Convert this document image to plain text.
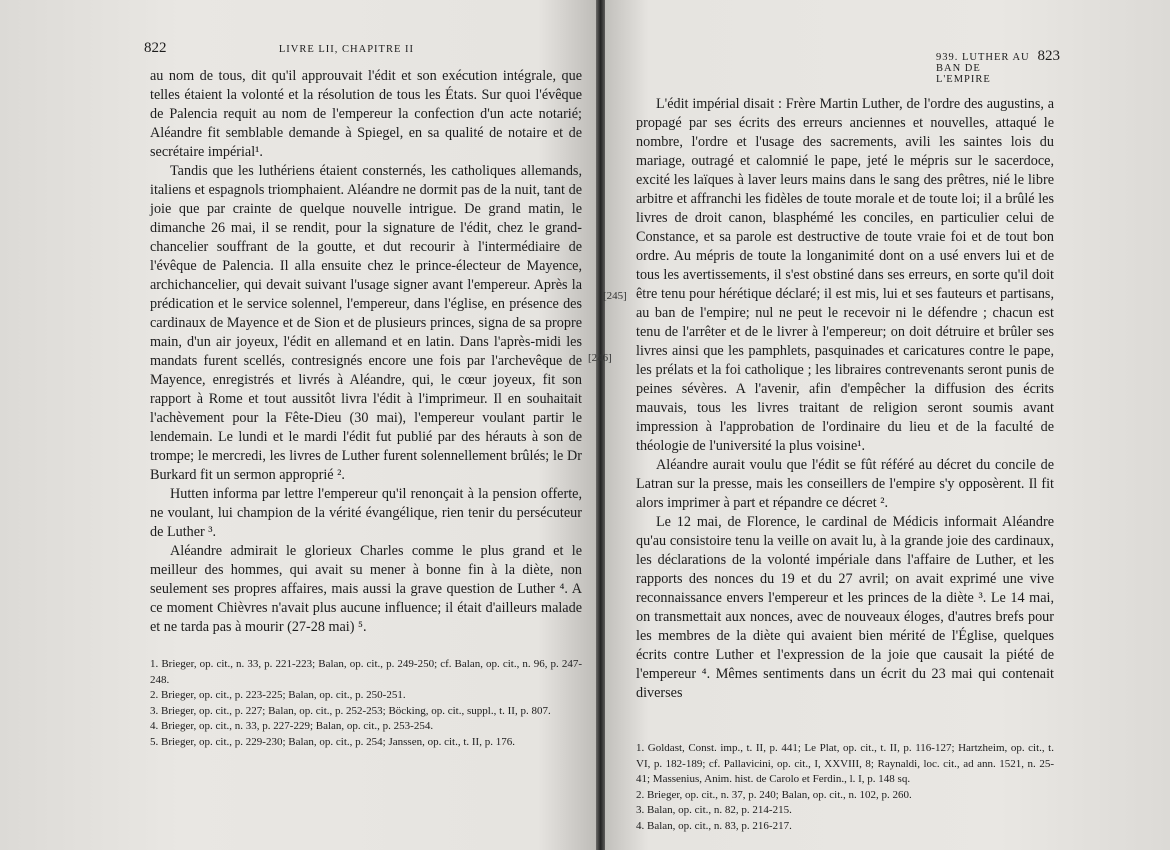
822	LIVRE LII, CHAPITRE II

au nom de tous, dit qu'il approuvait l'édit et son exécution intégrale, que telles étaient la volonté et la résolution de tous les États. Sur quoi l'évêque de Palencia requit au nom de l'empereur la confection d'un acte notarié; Aléandre fit semblable demande à Spiegel, en sa qualité de notaire et de secrétaire impérial¹.

Tandis que les luthériens étaient consternés, les catholiques allemands, italiens et espagnols triomphaient. Aléandre ne dormit pas de la nuit, tant de joie que par crainte de quelque nouvelle intrigue. De grand matin, le dimanche 26 mai, il se rendit, pour la signature de l'édit, chez le grand-chancelier souffrant de la goutte, et dut recourir à l'intermédiaire de l'évêque de Palencia. Il alla ensuite chez le prince-électeur de Mayence, archichancelier, qui devait suivant l'usage signer avant l'empereur. Après la prédication et le service solennel, l'empereur, dans l'église, en présence des cardinaux de Mayence et de Sion et de plusieurs princes, signa de sa propre main, d'un air joyeux, l'édit en allemand et en latin. Dans l'après-midi les mandats furent scellés, contresignés encore une fois par l'archevêque de Mayence, enregistrés et livrés à Aléandre, qui, le cœur joyeux, fit son rapport à Rome et tout aussitôt livra l'édit à l'imprimeur. Il en souhaitait l'achèvement pour la Fête-Dieu (30 mai), l'empereur voulant partir le lendemain. Le lundi et le mardi l'édit fut publié par des hérauts à son de trompe; le mercredi, les livres de Luther furent solennellement brûlés; le Dr Burkard fit un sermon approprié ².

Hutten informa par lettre l'empereur qu'il renonçait à la pension offerte, ne voulant, lui champion de la vérité évangélique, rien tenir du persécuteur de Luther ³.

Aléandre admirait le glorieux Charles comme le plus grand et le meilleur des hommes, qui avait su mener à bonne fin à la diète, non seulement ses propres affaires, mais aussi la grave question de Luther ⁴. A ce moment Chièvres n'avait plus aucune influence; il était d'ailleurs malade et ne tarda pas à mourir (27-28 mai) ⁵.

1. Brieger, op. cit., n. 33, p. 221-223; Balan, op. cit., p. 249-250; cf. Balan, op. cit., n. 96, p. 247-248.

2. Brieger, op. cit., p. 223-225; Balan, op. cit., p. 250-251.

3. Brieger, op. cit., p. 227; Balan, op. cit., p. 252-253; Böcking, op. cit., suppl., t. II, p. 807.

4. Brieger, op. cit., n. 33, p. 227-229; Balan, op. cit., p. 253-254.

5. Brieger, op. cit., p. 229-230; Balan, op. cit., p. 254; Janssen, op. cit., t. II, p. 176.

939. LUTHER AU BAN DE L'EMPIRE
823

L'édit impérial disait : Frère Martin Luther, de l'ordre des augustins, a propagé par ses écrits des erreurs anciennes et nouvelles, attaqué le nombre, l'ordre et l'usage des sacrements, avili les saintes lois du mariage, outragé et calomnié le pape, jeté le mépris sur le sacerdoce, excité les laïques à laver leurs mains dans le sang des prêtres, nié le libre arbitre et affranchi les fidèles de toute morale et de toute loi; il a brûlé les livres de droit canon, blasphémé les conciles, en particulier celui de Constance, et sa parole est destructive de toute vraie foi et de tout bon ordre. Au mépris de toute la longanimité dont on a usé envers lui et de tous les avertissements, il s'est obstiné dans ses erreurs, en sorte qu'il doit être tenu pour hérétique déclaré; il est mis, lui et ses fauteurs et partisans, au ban de l'empire; nul ne peut le recevoir ni le défendre ; chacun est tenu de l'arrêter et de le livrer à l'empereur; on doit détruire et brûler ses livres ainsi que les pamphlets, pasquinades et caricatures contre le pape, les prélats et la foi catholique ; les libraires contrevenants seront punis de peines sévères. A l'avenir, afin d'empêcher la diffusion des écrits mauvais, tous les livres traitant de religion seront soumis avant impression à l'approbation de l'ordinaire du lieu et de la faculté de théologie de l'université la plus voisine¹.

Aléandre aurait voulu que l'édit se fût référé au décret du concile de Latran sur la presse, mais les conseillers de l'empire s'y opposèrent. Il fit alors imprimer à part et répandre ce décret ².

Le 12 mai, de Florence, le cardinal de Médicis informait Aléandre qu'au consistoire tenu la veille on avait lu, à la grande joie des cardinaux, les déclarations de la volonté impériale dans l'affaire de Luther, et les rapports des nonces du 19 et du 27 avril; on avait exprimé une vive reconnaissance envers l'empereur et les princes de la diète ³. Le 14 mai, on transmettait aux nonces, avec de nouveaux éloges, d'autres brefs pour les membres de la diète qui avaient bien mérité de l'Église, quelques écrits contre Luther et l'expression de la joie que causait la piété de l'empereur ⁴. Mêmes sentiments dans un écrit du 23 mai qui contenait diverses

1. Goldast, Const. imp., t. II, p. 441; Le Plat, op. cit., t. II, p. 116-127; Hartzheim, op. cit., t. VI, p. 182-189; cf. Pallavicini, op. cit., I, XXVIII, 8; Raynaldi, loc. cit., ad ann. 1521, n. 25-41; Massenius, Anim. hist. de Carolo et Ferdin., l. I, p. 148 sq.

2. Brieger, op. cit., n. 37, p. 240; Balan, op. cit., n. 102, p. 260.

3. Balan, op. cit., n. 82, p. 214-215.

4. Balan, op. cit., n. 83, p. 216-217.

[246]
[245]
